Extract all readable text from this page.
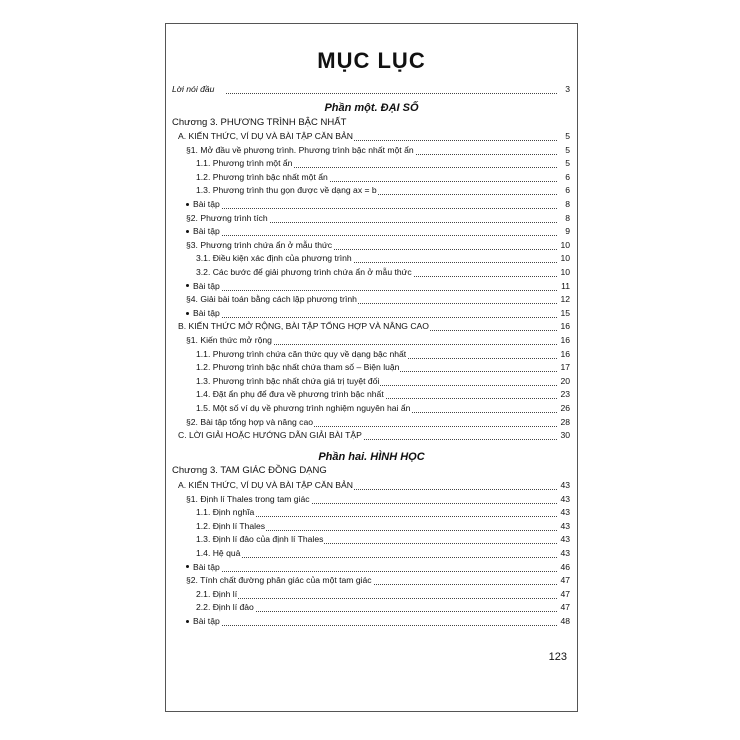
MỤC LỤC
Lời nói đầu	3
Phần một. ĐẠI SỐ
Chương 3. PHƯƠNG TRÌNH BẬC NHẤT
A. KIẾN THỨC, VÍ DỤ VÀ BÀI TẬP CĂN BẢN	5
§1. Mở đầu về phương trình. Phương trình bậc nhất một ẩn	5
1.1. Phương trình một ẩn	5
1.2. Phương trình bậc nhất một ẩn	6
1.3. Phương trình thu gọn được về dạng ax = b	6
Bài tập	8
§2. Phương trình tích	8
Bài tập	9
§3. Phương trình chứa ẩn ở mẫu thức	10
3.1. Điều kiện xác định của phương trình	10
3.2. Các bước để giải phương trình chứa ẩn ở mẫu thức	10
Bài tập	11
§4. Giải bài toán bằng cách lập phương trình	12
Bài tập	15
B. KIẾN THỨC MỞ RỘNG, BÀI TẬP TỔNG HỢP VÀ NÂNG CAO	16
§1. Kiến thức mở rộng	16
1.1. Phương trình chứa căn thức quy về dạng bậc nhất	16
1.2. Phương trình bậc nhất chứa tham số – Biện luận	17
1.3. Phương trình bậc nhất chứa giá trị tuyệt đối	20
1.4. Đặt ẩn phụ để đưa về phương trình bậc nhất	23
1.5. Một số ví dụ về phương trình nghiệm nguyên hai ẩn	26
§2. Bài tập tổng hợp và nâng cao	28
C. LỜI GIẢI HOẶC HƯỚNG DẪN GIẢI BÀI TẬP	30
Phần hai. HÌNH HỌC
Chương 3. TAM GIÁC ĐỒNG DẠNG
A. KIẾN THỨC, VÍ DỤ VÀ BÀI TẬP CĂN BẢN	43
§1. Định lí Thales trong tam giác	43
1.1. Định nghĩa	43
1.2. Định lí Thales	43
1.3. Định lí đảo của định lí Thales	43
1.4. Hệ quả	43
Bài tập	46
§2. Tính chất đường phân giác của một tam giác	47
2.1. Định lí	47
2.2. Định lí đảo	47
Bài tập	48
123
